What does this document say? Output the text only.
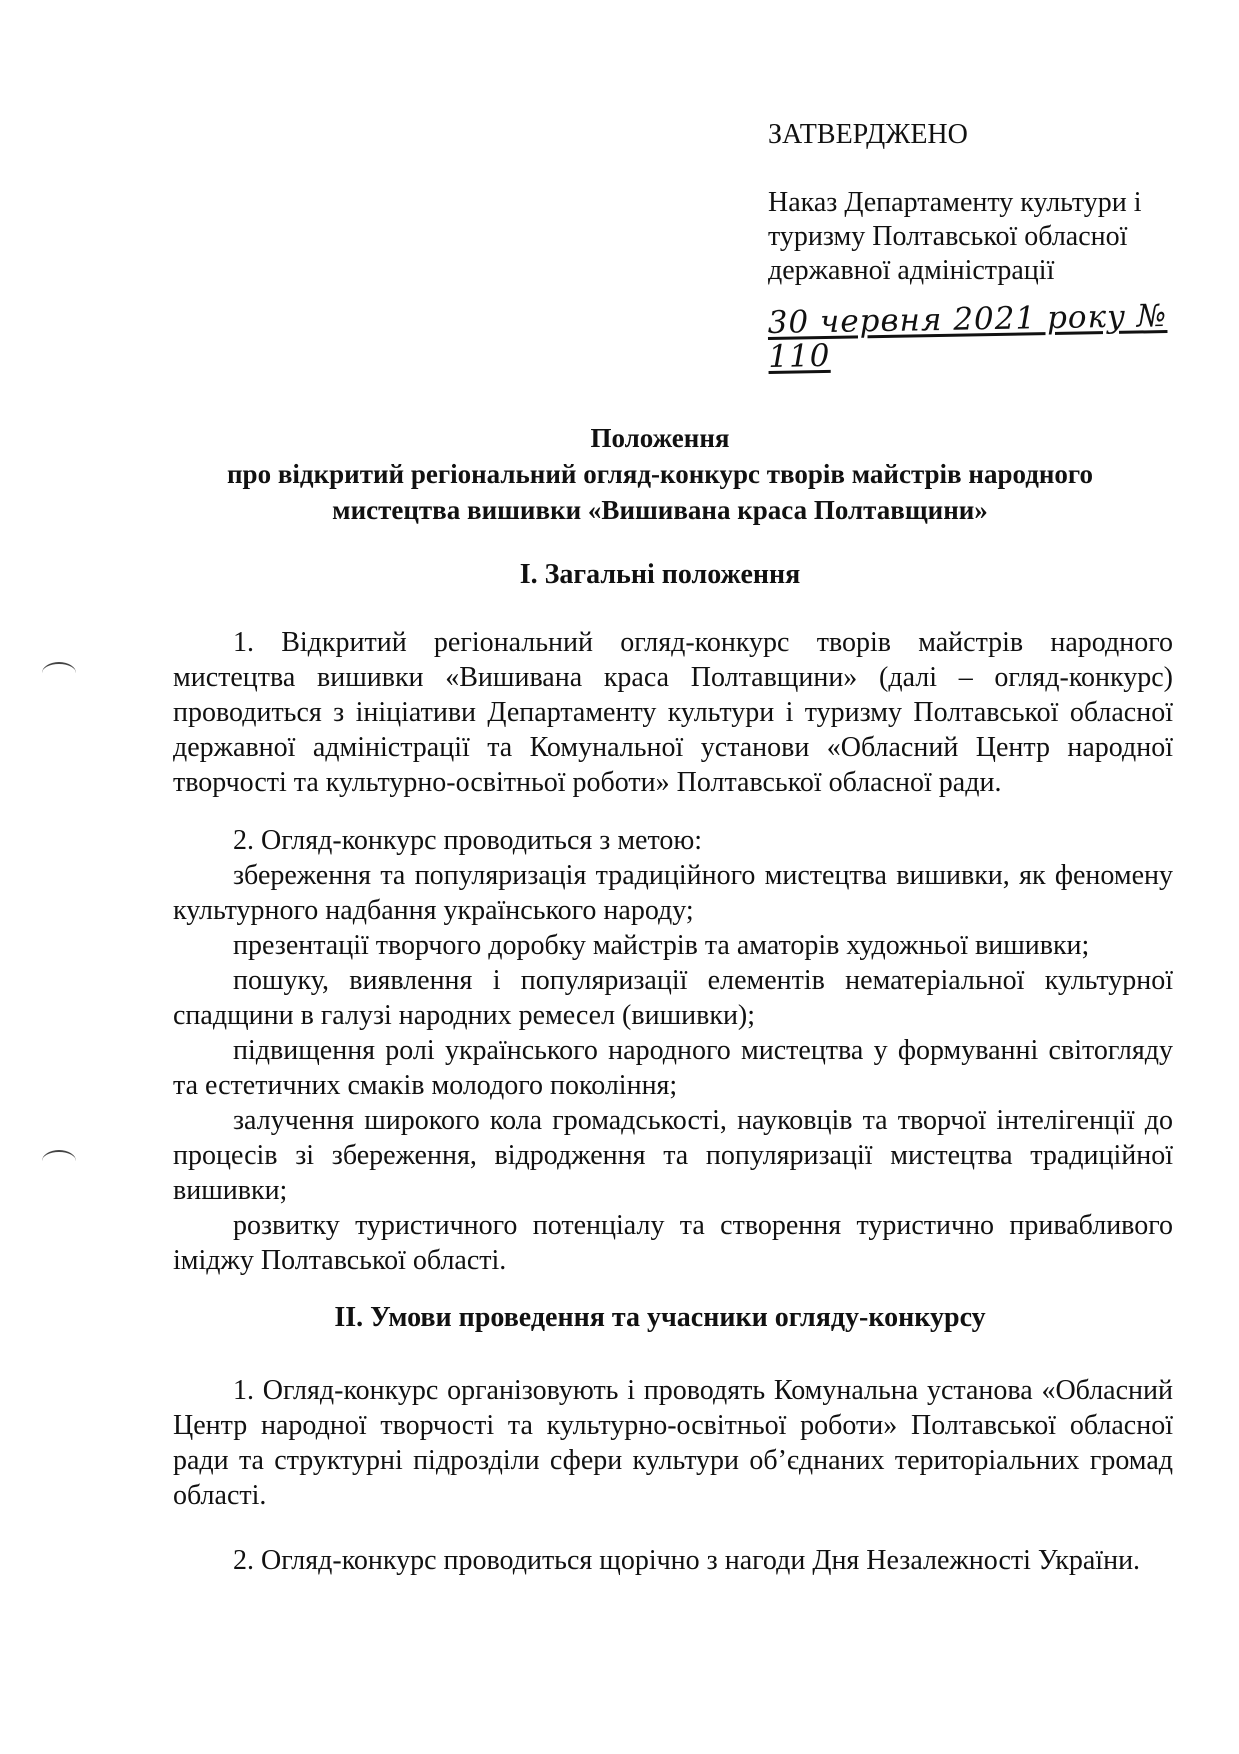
ЗАТВЕРДЖЕНО
Наказ Департаменту культури і
туризму Полтавської обласної
державної адміністрації
30 червня 2021 року № 110
Положення
про відкритий регіональний огляд-конкурс творів майстрів народного
мистецтва вишивки «Вишивана краса Полтавщини»
І. Загальні положення

1. Відкритий регіональний огляд-конкурс творів майстрів народного мистецтва вишивки «Вишивана краса Полтавщини» (далі – огляд-конкурс) проводиться з ініціативи Департаменту культури і туризму Полтавської обласної державної адміністрації та Комунальної установи «Обласний Центр народної творчості та культурно-освітньої роботи» Полтавської обласної ради.

2. Огляд-конкурс проводиться з метою:

збереження та популяризація традиційного мистецтва вишивки, як феномену культурного надбання українського народу;

презентації творчого доробку майстрів та аматорів художньої вишивки;

пошуку, виявлення і популяризації елементів нематеріальної культурної спадщини в галузі народних ремесел (вишивки);

підвищення ролі українського народного мистецтва у формуванні світогляду та естетичних смаків молодого покоління;

залучення широкого кола громадськості, науковців та творчої інтелігенції до процесів зі збереження, відродження та популяризації мистецтва традиційної вишивки;

розвитку туристичного потенціалу та створення туристично привабливого іміджу Полтавської області.

ІІ. Умови проведення та учасники огляду-конкурсу

1. Огляд-конкурс організовують і проводять Комунальна установа «Обласний Центр народної творчості та культурно-освітньої роботи» Полтавської обласної ради та структурні підрозділи сфери культури об’єднаних територіальних громад області.

2. Огляд-конкурс проводиться щорічно з нагоди Дня Незалежності України.
